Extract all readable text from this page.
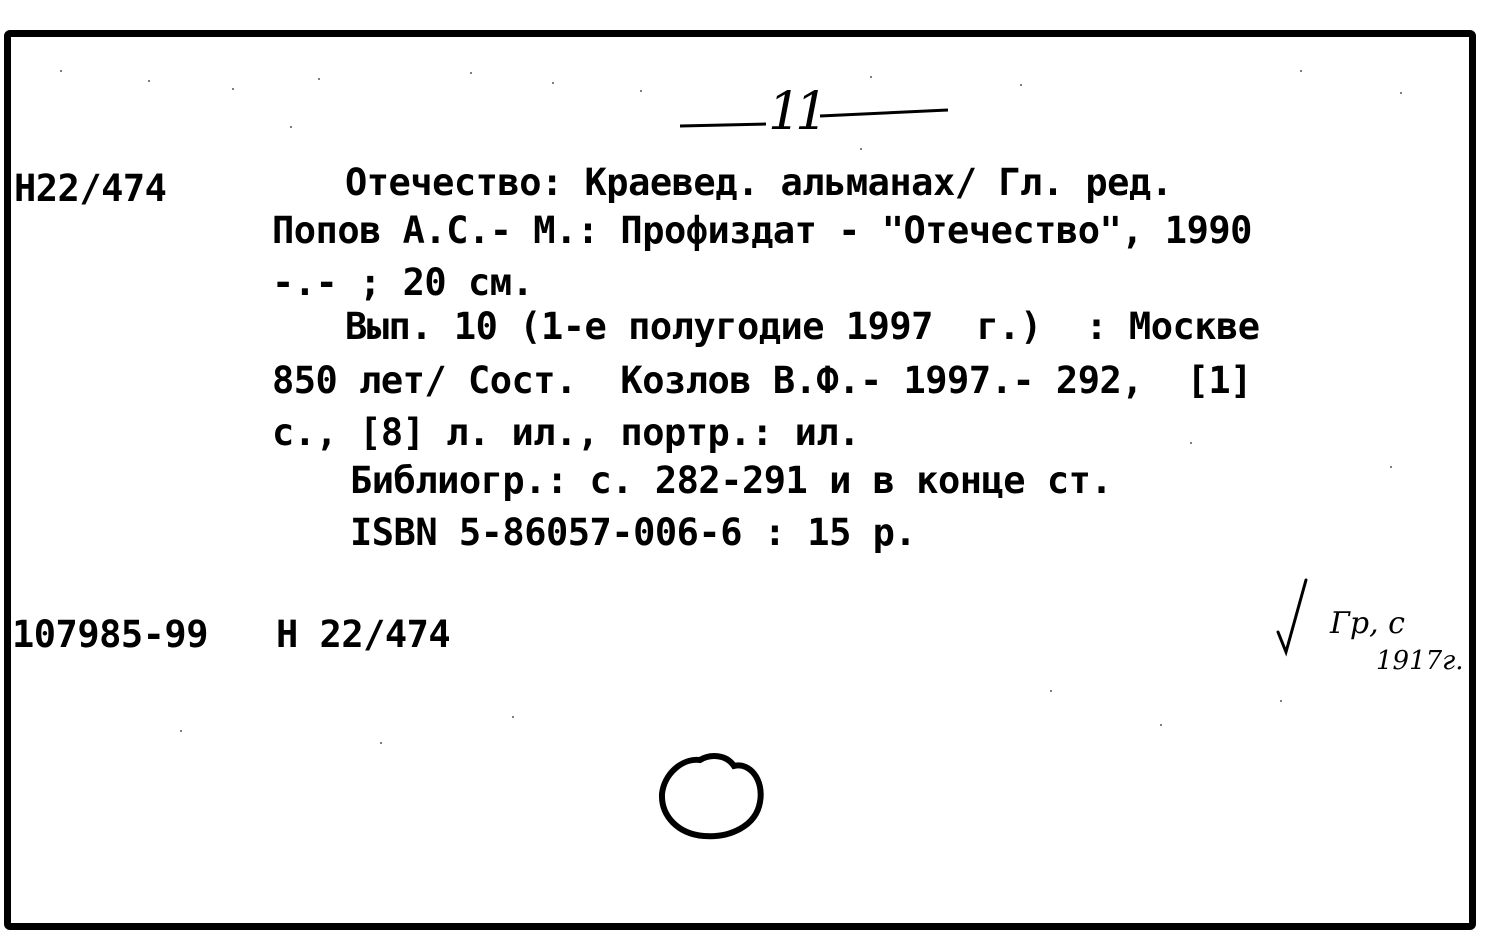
11
Н22/474	Отечество: Краевед. альманах/ Гл. ред.
Попов А.С.- М.: Профиздат - "Отечество", 1990
-.- ; 20 см.
Вып. 10 (1-е полугодие 1997  г.)  : Москве
850 лет/ Сост.  Козлов В.Ф.- 1997.- 292,  [1]
с., [8] л. ил., портр.: ил.
Библиогр.: с. 282-291 и в конце ст.
ISBN 5-86057-006-6 : 15 р.
107985-99 Н 22/474	Гр, с
1917г.
